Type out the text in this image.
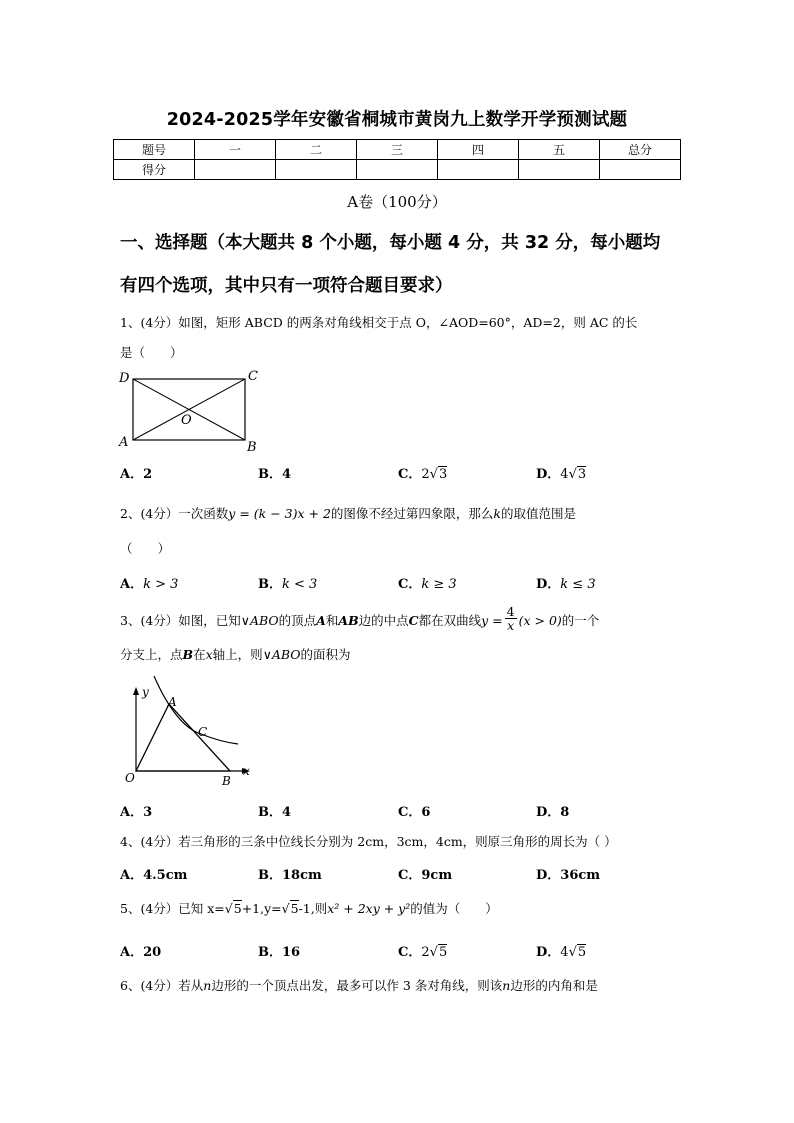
2024-2025学年安徽省桐城市黄岗九上数学开学预测试题
题号	一	二	三	四	五	总分
得分						
A卷（100分）
一、选择题（本大题共 8 个小题，每小题 4 分，共 32 分，每小题均
有四个选项，其中只有一项符合题目要求）
1、(4分）如图，矩形 ABCD 的两条对角线相交于点 O，∠AOD=60°，AD=2，则 AC 的长
是（　　）
D	C
A	B
O
A．2	B．4	C．2√3	D．4√3
2、(4分）一次函数y = (k − 3)x + 2的图像不经过第四象限，那么k的取值范围是
（　　）
A．k > 3	B．k < 3	C．k ≥ 3	D．k ≤ 3
3、(4分）如图，已知∨ABO的顶点A和AB边的中点C都在双曲线$y = \frac{4}{x} (x > 0)$的一个
分支上，点B在x轴上，则∨ABO的面积为
y
x
O
A
B
C
A．3	B．4	C．6	D．8
4、(4分）若三角形的三条中位线长分别为 2cm，3cm，4cm，则原三角形的周长为（ ）
A．4.5cm	B．18cm	C．9cm	D．36cm
5、(4分）已知 x=√5+1,y=√5-1,则x² + 2xy + y²的值为（　　）
A．20	B．16	C．2√5	D．4√5
6、(4分）若从n边形的一个顶点出发，最多可以作 3 条对角线，则该n边形的内角和是
